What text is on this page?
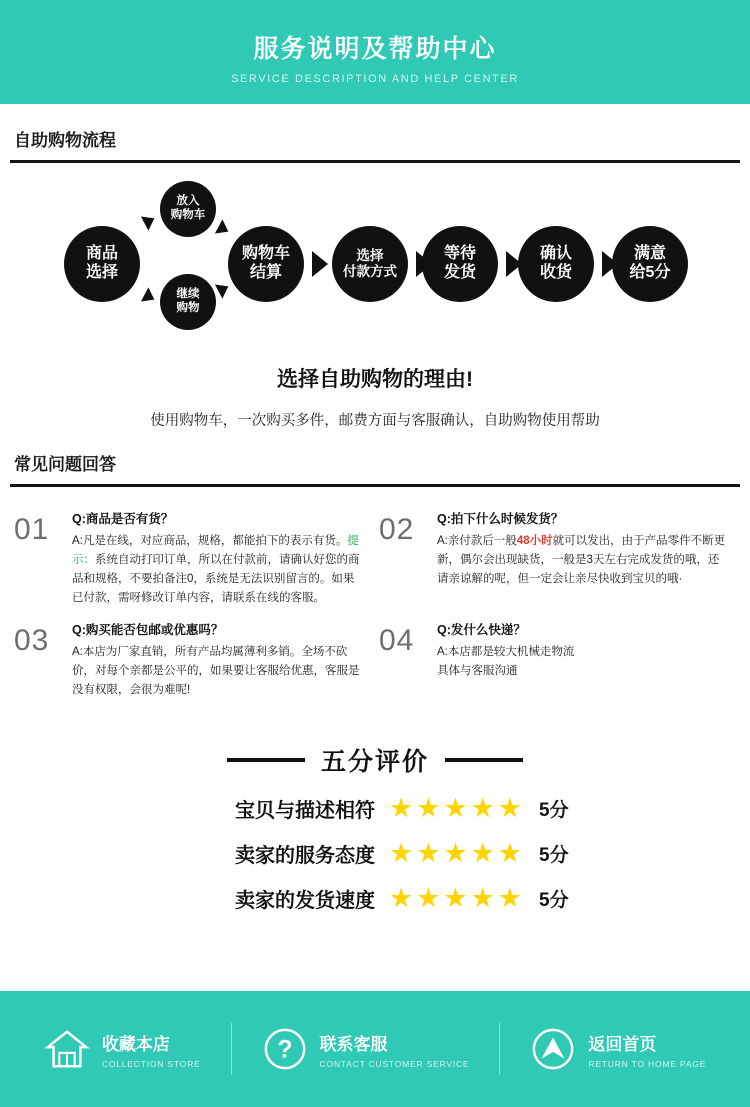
服务说明及帮助中心
SERVICE DESCRIPTION AND HELP CENTER
自助购物流程
商品
选择
放入
购物车
继续
购物
购物车
结算
选择
付款方式
等待
发货
确认
收货
满意
给5分
选择自助购物的理由!
使用购物车，一次购买多件，邮费方面与客服确认，自助购物使用帮助
常见问题回答
01	Q:商品是否有货？
A:凡是在线，对应商品，规格，都能拍下的表示有货。提示：系统自动打印订单，所以在付款前，请确认好您的商品和规格，不要拍备注0，系统是无法识别留言的。如果已付款，需呀修改订单内容，请联系在线的客服。
02	Q:拍下什么时候发货？
A:亲付款后一般48小时就可以发出，由于产品零件不断更新，偶尔会出现缺货，一般是3天左右完成发货的哦，还请亲谅解的呢，但一定会让亲尽快收到宝贝的哦·
03	Q:购买能否包邮或优惠吗？
A:本店为厂家直销，所有产品均属薄利多销。全场不砍价，对每个亲都是公平的，如果要让客服给优惠，客服是没有权限，会很为难呢!
04	Q:发什么快递？
A:本店都是较大机械走物流
具体与客服沟通
五分评价
宝贝与描述相符 ★★★★★ 5分
卖家的服务态度 ★★★★★ 5分
卖家的发货速度 ★★★★★ 5分
收藏本店
COLLECTION STORE	? 联系客服
CONTACT CUSTOMER SERVICE
返回首页
RETURN TO HOME PAGE
